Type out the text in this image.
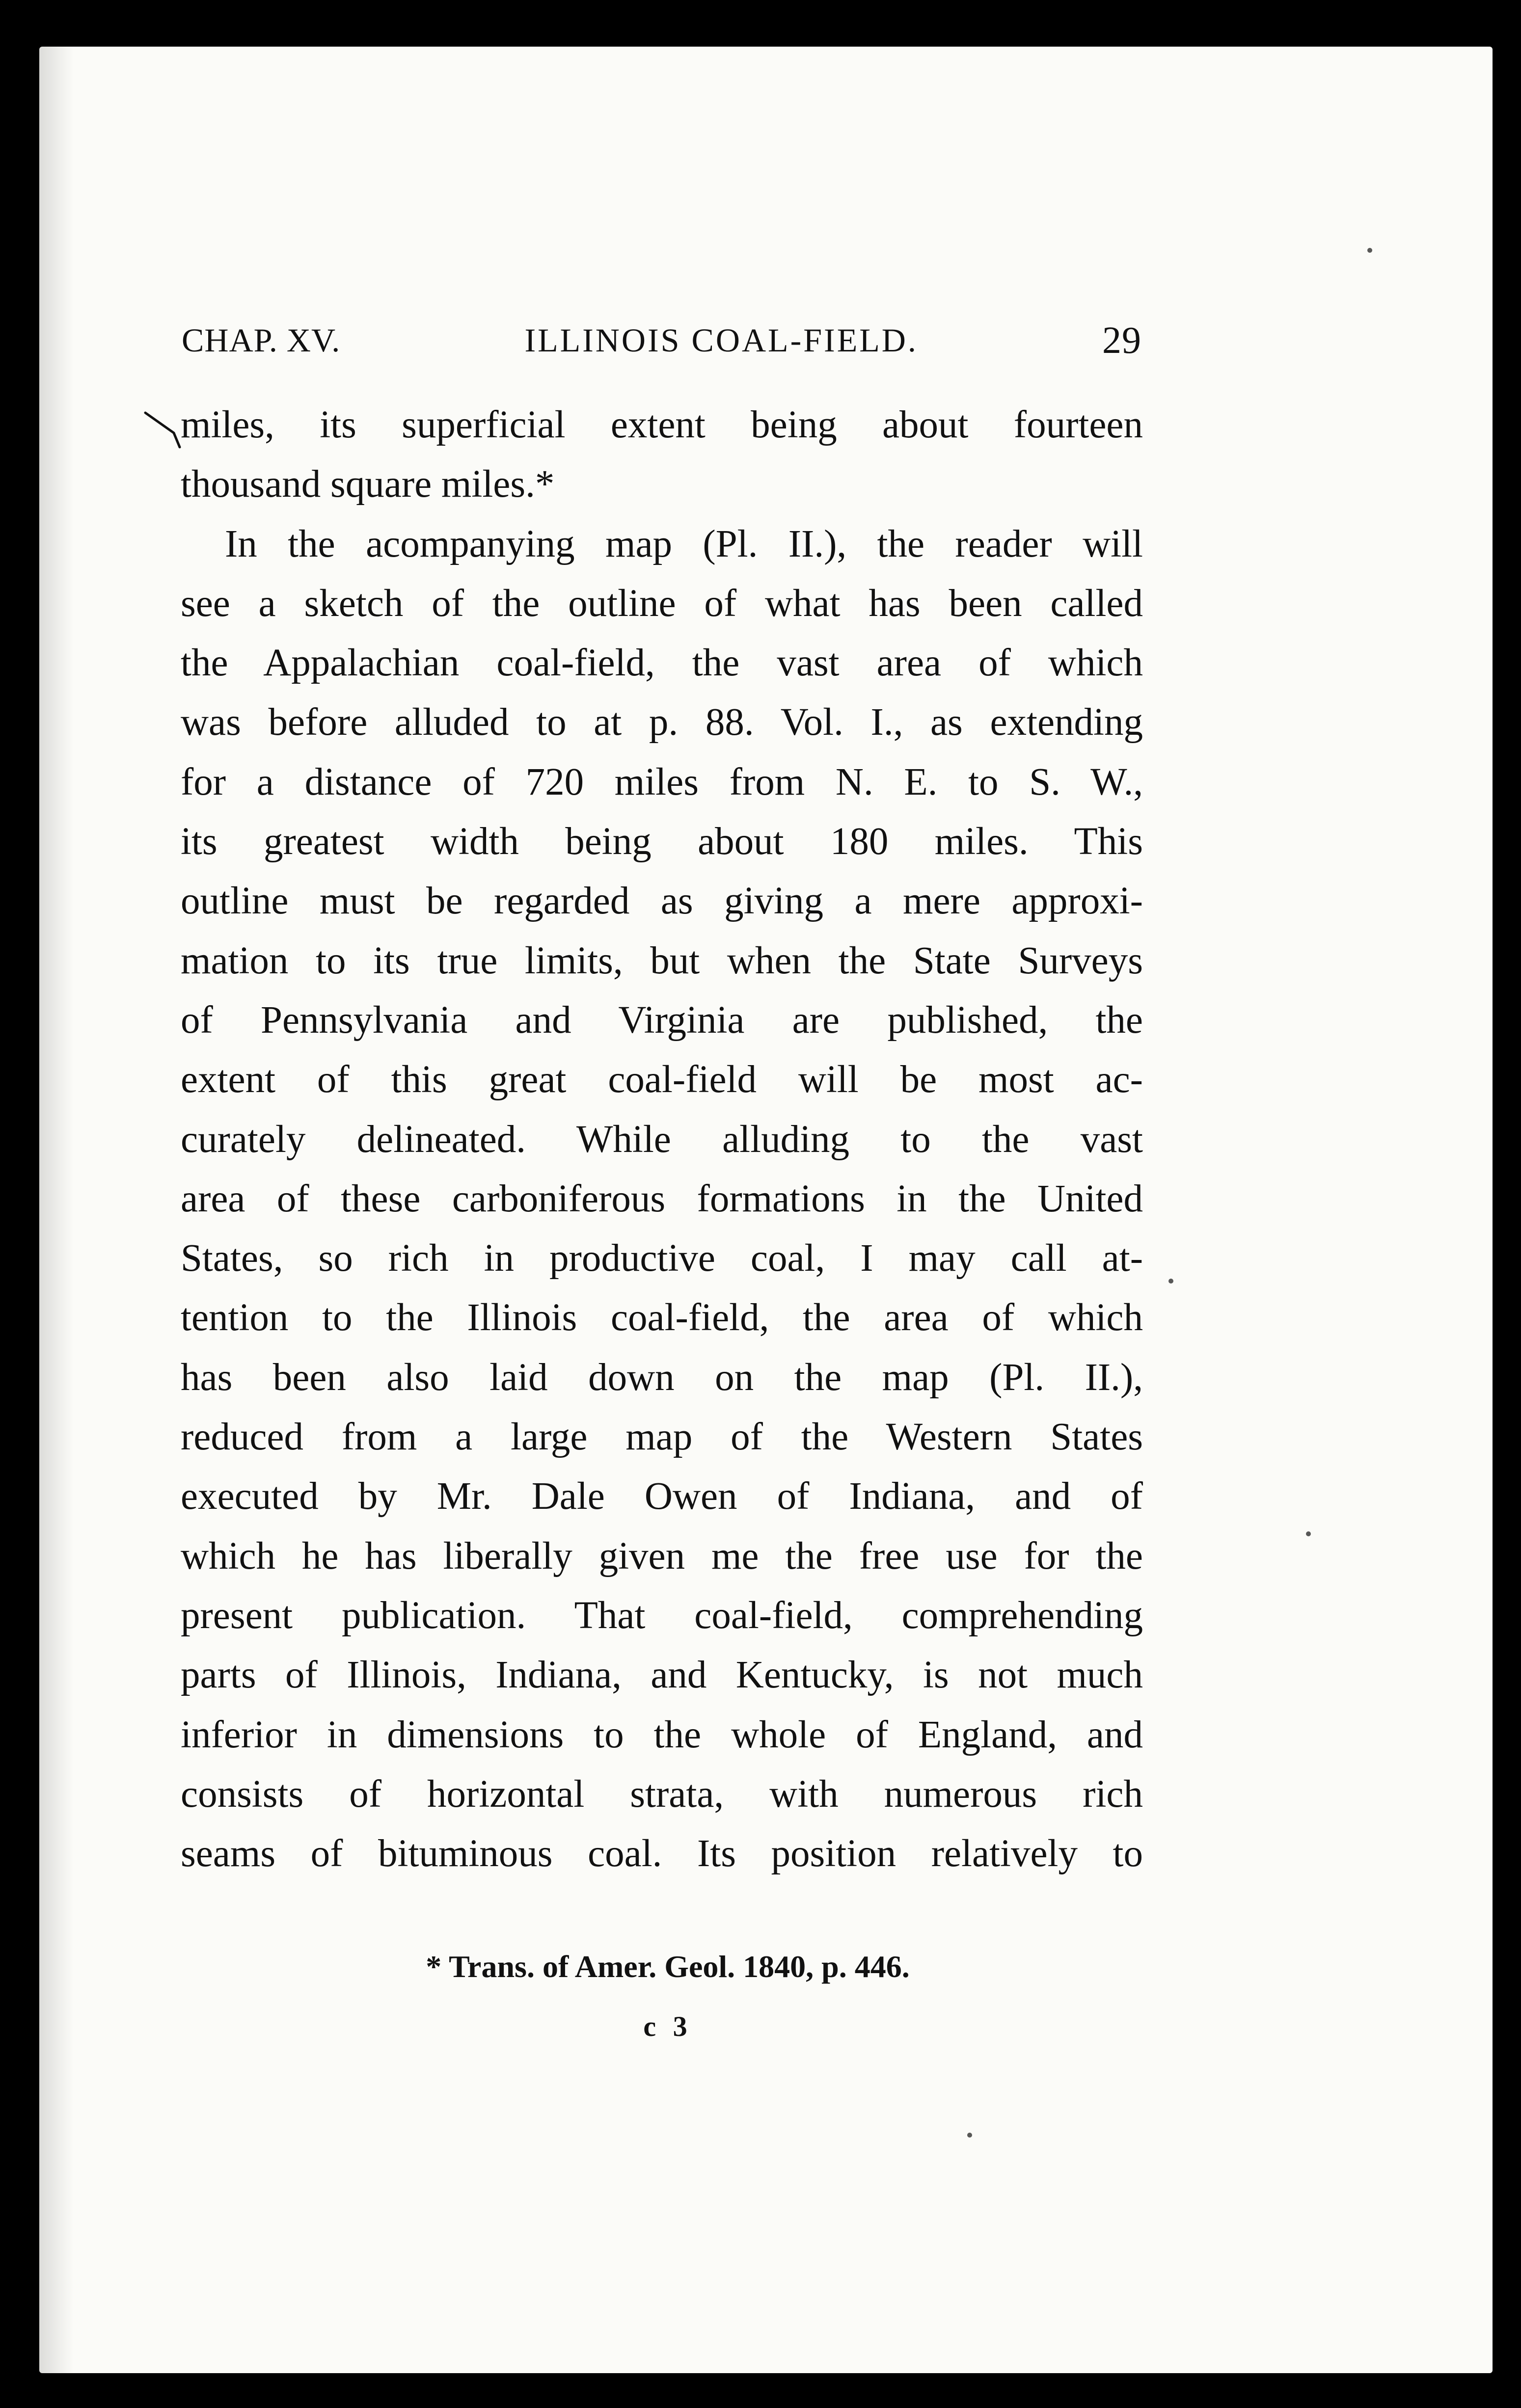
CHAP. XV.	ILLINOIS COAL-FIELD.	29
miles, its superficial extent being about fourteen
thousand square miles.*
In the acompanying map (Pl. II.), the reader will
see a sketch of the outline of what has been called
the Appalachian coal-field, the vast area of which
was before alluded to at p. 88. Vol. I., as extending
for a distance of 720 miles from N. E. to S. W.,
its greatest width being about 180 miles. This
outline must be regarded as giving a mere approxi-
mation to its true limits, but when the State Surveys
of Pennsylvania and Virginia are published, the
extent of this great coal-field will be most ac-
curately delineated. While alluding to the vast
area of these carboniferous formations in the United
States, so rich in productive coal, I may call at-
tention to the Illinois coal-field, the area of which
has been also laid down on the map (Pl. II.),
reduced from a large map of the Western States
executed by Mr. Dale Owen of Indiana, and of
which he has liberally given me the free use for the
present publication. That coal-field, comprehending
parts of Illinois, Indiana, and Kentucky, is not much
inferior in dimensions to the whole of England, and
consists of horizontal strata, with numerous rich
seams of bituminous coal. Its position relatively to
* Trans. of Amer. Geol. 1840, p. 446.
c 3
